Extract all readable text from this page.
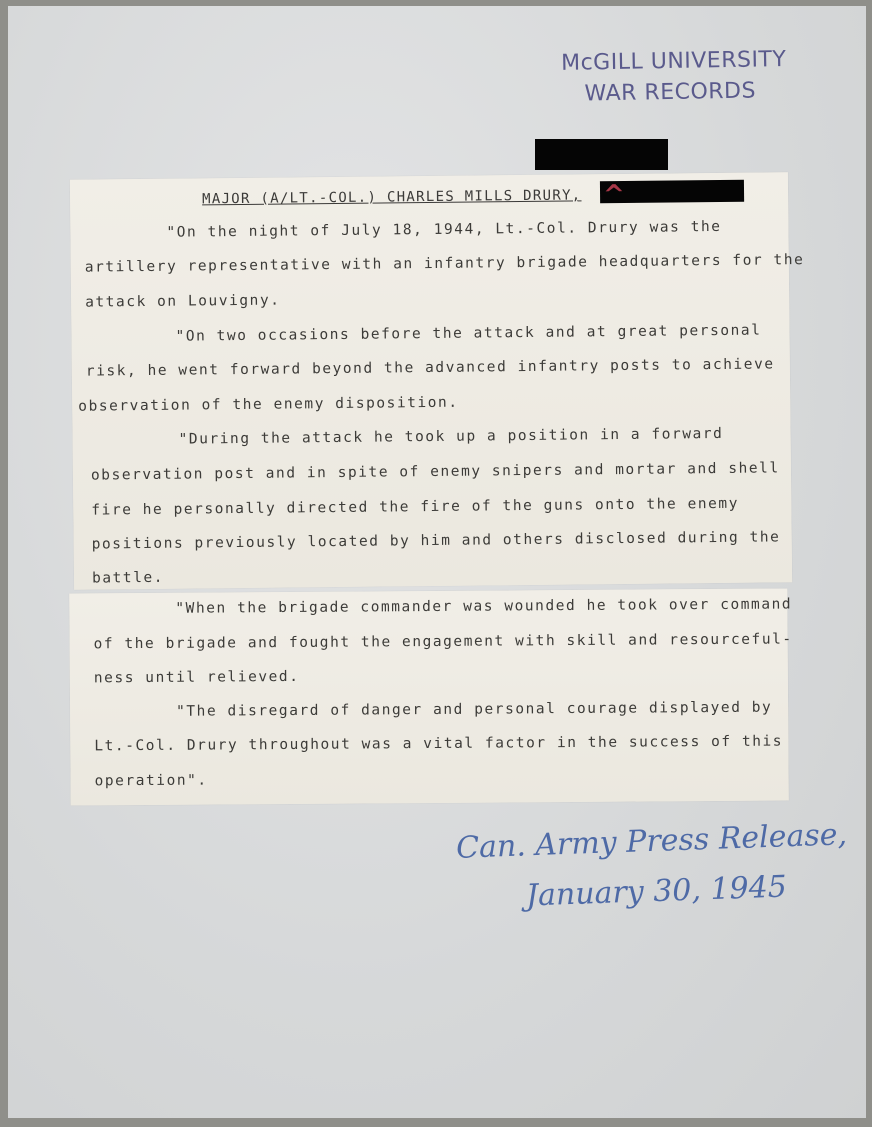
McGILL UNIVERSITY
WAR RECORDS
MAJOR (A/LT.-COL.) CHARLES MILLS DRURY, ^
"On the night of July 18, 1944, Lt.-Col. Drury was the
artillery representative with an infantry brigade headquarters for the
attack on Louvigny.
"On two occasions before the attack and at great personal
risk, he went forward beyond the advanced infantry posts to achieve
observation of the enemy disposition.
"During the attack he took up a position in a forward
observation post and in spite of enemy snipers and mortar and shell
fire he personally directed the fire of the guns onto the enemy
positions previously located by him and others disclosed during the
battle.
"When the brigade commander was wounded he took over command
of the brigade and fought the engagement with skill and resourceful-
ness until relieved.
"The disregard of danger and personal courage displayed by
Lt.-Col. Drury throughout was a vital factor in the success of this
operation".
Can. Army Press Release,
January 30, 1945
